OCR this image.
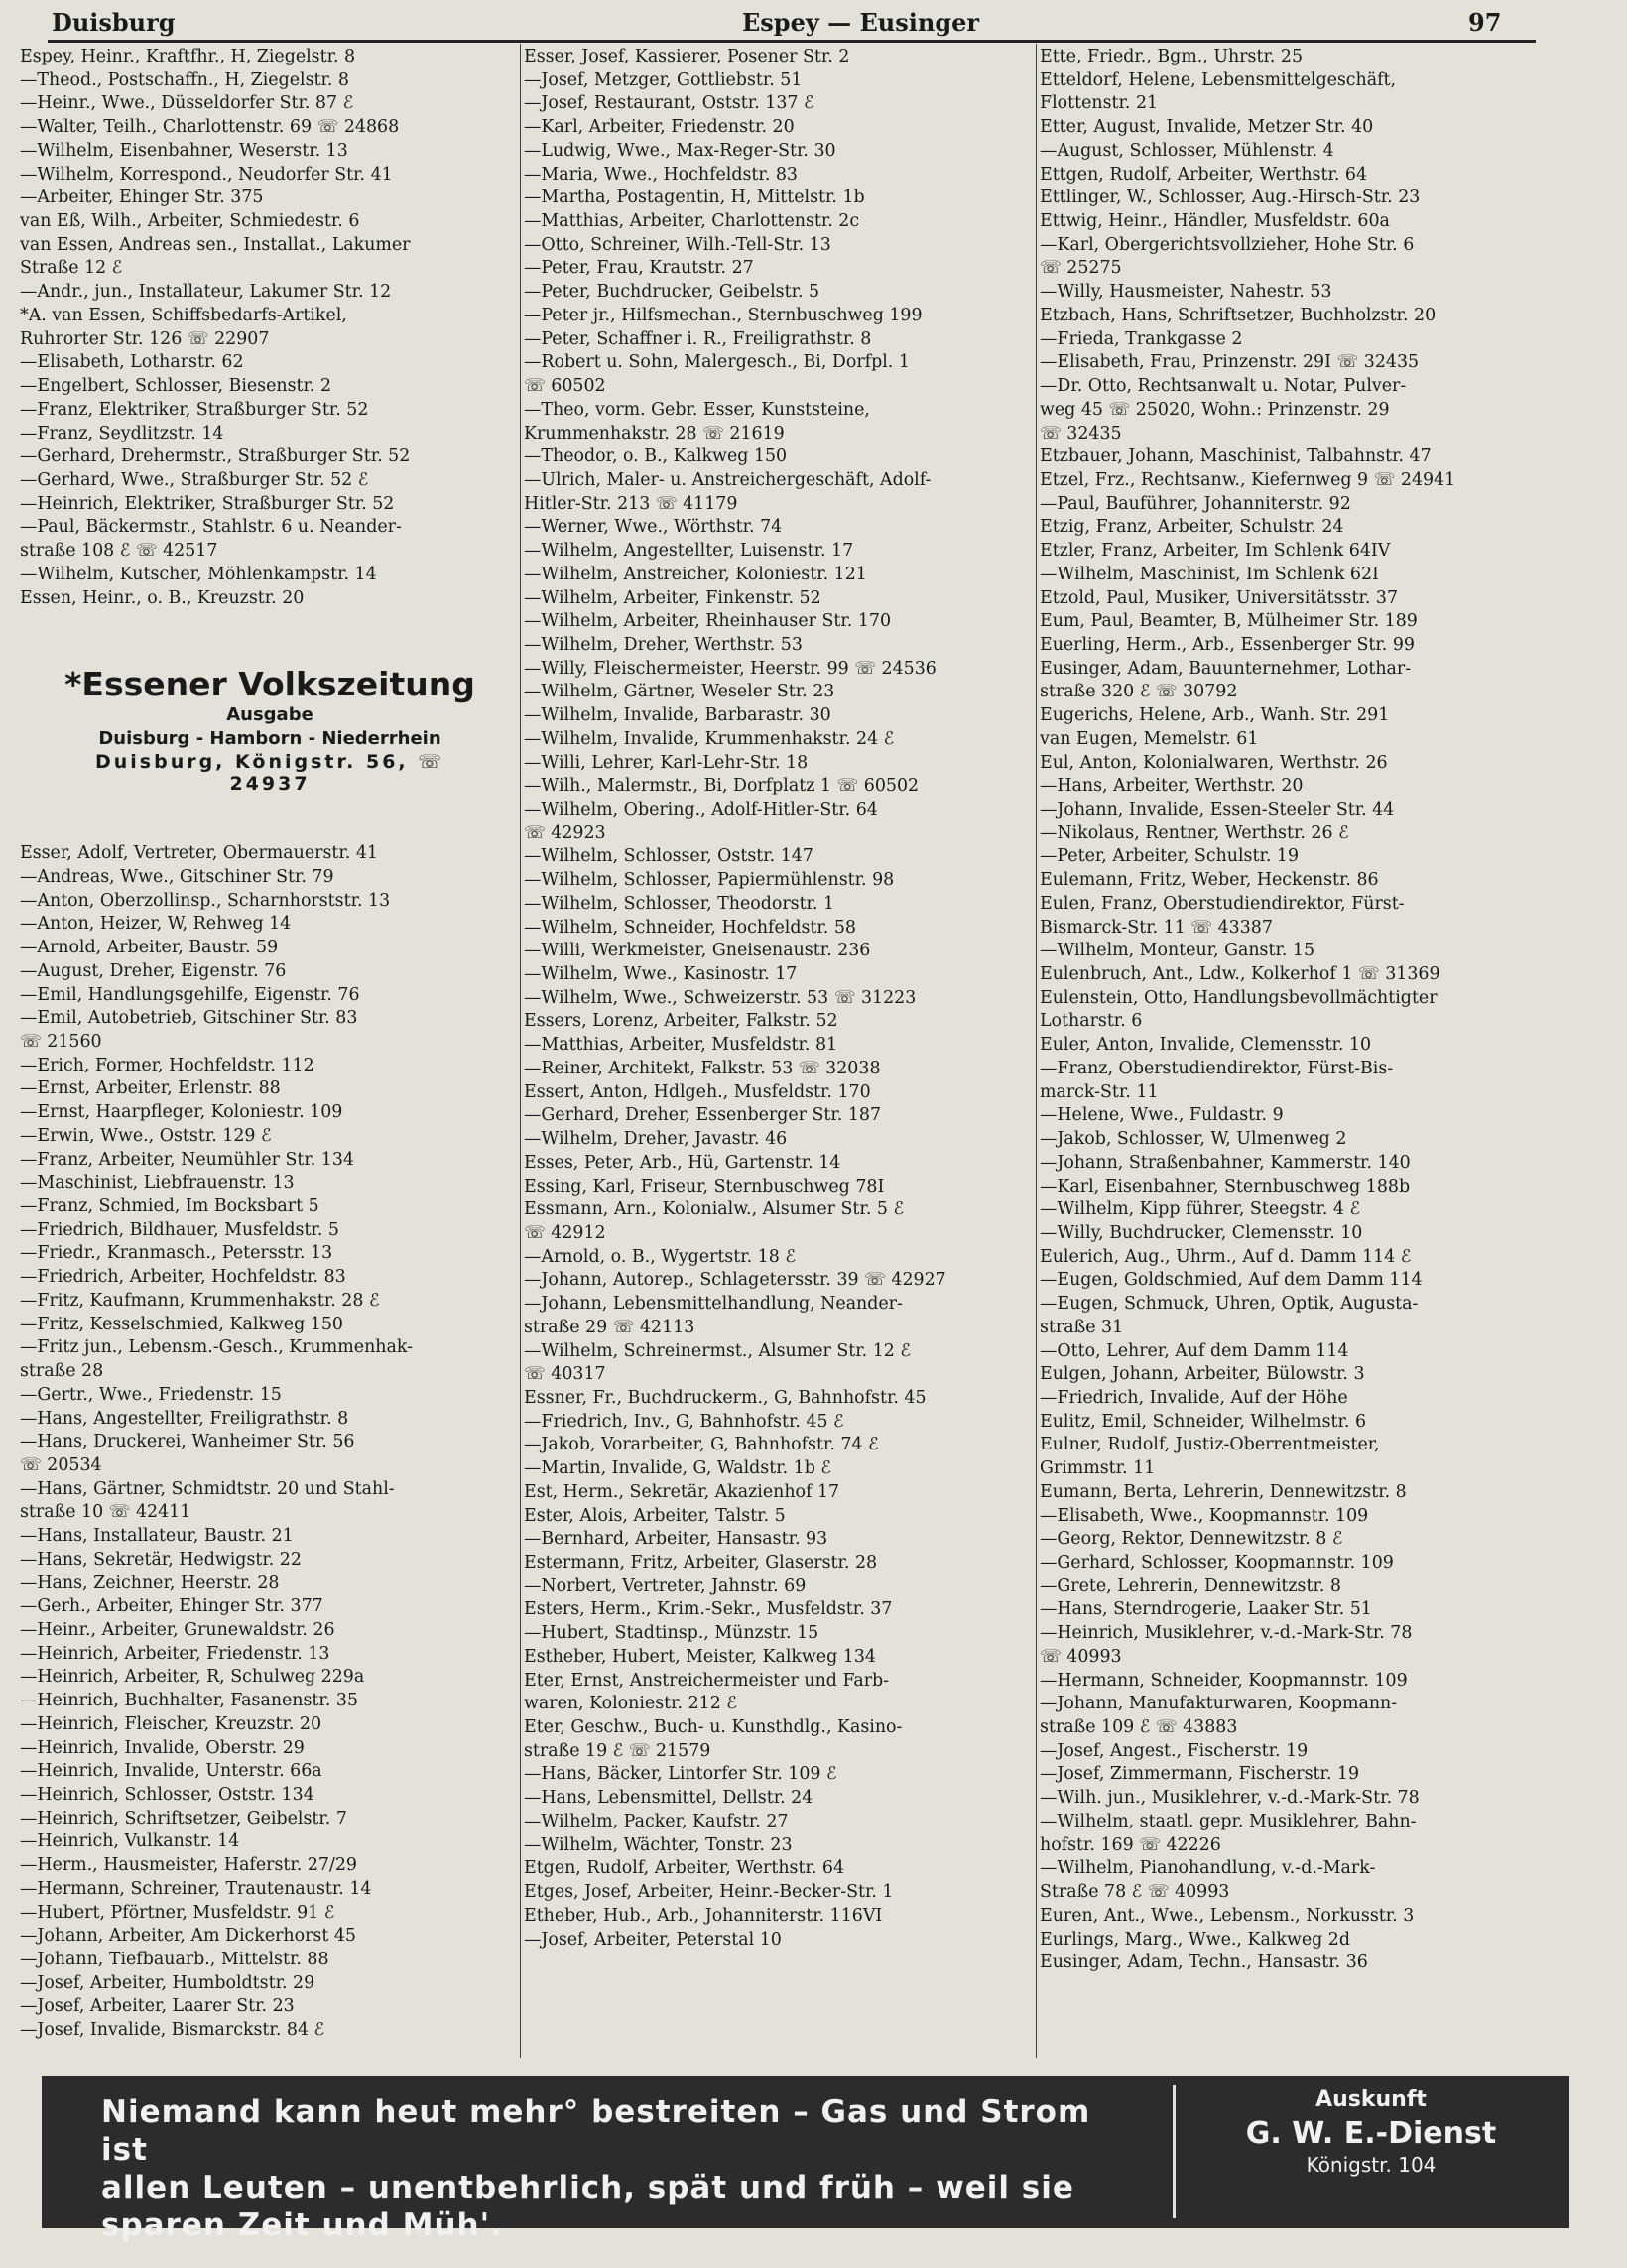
Duisburg	Espey — Eusinger	97
Espey, Heinr., Kraftfhr., H, Ziegelstr. 8
—Theod., Postschaffn., H, Ziegelstr. 8
—Heinr., Wwe., Düsseldorfer Str. 87 ℰ
—Walter, Teilh., Charlottenstr. 69 ☏ 24868
—Wilhelm, Eisenbahner, Weserstr. 13
—Wilhelm, Korrespond., Neudorfer Str. 41
—Arbeiter, Ehinger Str. 375
van Eß, Wilh., Arbeiter, Schmiedestr. 6
van Essen, Andreas sen., Installat., Lakumer
Straße 12 ℰ
—Andr., jun., Installateur, Lakumer Str. 12
*A. van Essen, Schiffsbedarfs-Artikel,
Ruhrorter Str. 126 ☏ 22907
—Elisabeth, Lotharstr. 62
—Engelbert, Schlosser, Biesenstr. 2
—Franz, Elektriker, Straßburger Str. 52
—Franz, Seydlitzstr. 14
—Gerhard, Drehermstr., Straßburger Str. 52
—Gerhard, Wwe., Straßburger Str. 52 ℰ
—Heinrich, Elektriker, Straßburger Str. 52
—Paul, Bäckermstr., Stahlstr. 6 u. Neander-
straße 108 ℰ ☏ 42517
—Wilhelm, Kutscher, Möhlenkampstr. 14
Essen, Heinr., o. B., Kreuzstr. 20
Esser, Adolf, Vertreter, Obermauerstr. 41
—Andreas, Wwe., Gitschiner Str. 79
—Anton, Oberzollinsp., Scharnhorststr. 13
—Anton, Heizer, W, Rehweg 14
—Arnold, Arbeiter, Baustr. 59
—August, Dreher, Eigenstr. 76
—Emil, Handlungsgehilfe, Eigenstr. 76
—Emil, Autobetrieb, Gitschiner Str. 83
☏ 21560
—Erich, Former, Hochfeldstr. 112
—Ernst, Arbeiter, Erlenstr. 88
—Ernst, Haarpfleger, Koloniestr. 109
—Erwin, Wwe., Oststr. 129 ℰ
—Franz, Arbeiter, Neumühler Str. 134
—Maschinist, Liebfrauenstr. 13
—Franz, Schmied, Im Bocksbart 5
—Friedrich, Bildhauer, Musfeldstr. 5
—Friedr., Kranmasch., Petersstr. 13
—Friedrich, Arbeiter, Hochfeldstr. 83
—Fritz, Kaufmann, Krummenhakstr. 28 ℰ
—Fritz, Kesselschmied, Kalkweg 150
—Fritz jun., Lebensm.-Gesch., Krummenhak-
straße 28
—Gertr., Wwe., Friedenstr. 15
—Hans, Angestellter, Freiligrathstr. 8
—Hans, Druckerei, Wanheimer Str. 56
☏ 20534
—Hans, Gärtner, Schmidtstr. 20 und Stahl-
straße 10 ☏ 42411
—Hans, Installateur, Baustr. 21
—Hans, Sekretär, Hedwigstr. 22
—Hans, Zeichner, Heerstr. 28
—Gerh., Arbeiter, Ehinger Str. 377
—Heinr., Arbeiter, Grunewaldstr. 26
—Heinrich, Arbeiter, Friedenstr. 13
—Heinrich, Arbeiter, R, Schulweg 229a
—Heinrich, Buchhalter, Fasanenstr. 35
—Heinrich, Fleischer, Kreuzstr. 20
—Heinrich, Invalide, Oberstr. 29
—Heinrich, Invalide, Unterstr. 66a
—Heinrich, Schlosser, Oststr. 134
—Heinrich, Schriftsetzer, Geibelstr. 7
—Heinrich, Vulkanstr. 14
—Herm., Hausmeister, Haferstr. 27/29
—Hermann, Schreiner, Trautenaustr. 14
—Hubert, Pförtner, Musfeldstr. 91 ℰ
—Johann, Arbeiter, Am Dickerhorst 45
—Johann, Tiefbauarb., Mittelstr. 88
—Josef, Arbeiter, Humboldtstr. 29
—Josef, Arbeiter, Laarer Str. 23
—Josef, Invalide, Bismarckstr. 84 ℰ
*Essener Volkszeitung
Ausgabe
Duisburg - Hamborn - Niederrhein
Duisburg, Königstr. 56, ☏ 24937
Esser, Josef, Kassierer, Posener Str. 2
—Josef, Metzger, Gottliebstr. 51
—Josef, Restaurant, Oststr. 137 ℰ
—Karl, Arbeiter, Friedenstr. 20
—Ludwig, Wwe., Max-Reger-Str. 30
—Maria, Wwe., Hochfeldstr. 83
—Martha, Postagentin, H, Mittelstr. 1b
—Matthias, Arbeiter, Charlottenstr. 2c
—Otto, Schreiner, Wilh.-Tell-Str. 13
—Peter, Frau, Krautstr. 27
—Peter, Buchdrucker, Geibelstr. 5
—Peter jr., Hilfsmechan., Sternbuschweg 199
—Peter, Schaffner i. R., Freiligrathstr. 8
—Robert u. Sohn, Malergesch., Bi, Dorfpl. 1
☏ 60502
—Theo, vorm. Gebr. Esser, Kunststeine,
Krummenhakstr. 28 ☏ 21619
—Theodor, o. B., Kalkweg 150
—Ulrich, Maler- u. Anstreichergeschäft, Adolf-
Hitler-Str. 213 ☏ 41179
—Werner, Wwe., Wörthstr. 74
—Wilhelm, Angestellter, Luisenstr. 17
—Wilhelm, Anstreicher, Koloniestr. 121
—Wilhelm, Arbeiter, Finkenstr. 52
—Wilhelm, Arbeiter, Rheinhauser Str. 170
—Wilhelm, Dreher, Werthstr. 53
—Willy, Fleischermeister, Heerstr. 99 ☏ 24536
—Wilhelm, Gärtner, Weseler Str. 23
—Wilhelm, Invalide, Barbarastr. 30
—Wilhelm, Invalide, Krummenhakstr. 24 ℰ
—Willi, Lehrer, Karl-Lehr-Str. 18
—Wilh., Malermstr., Bi, Dorfplatz 1 ☏ 60502
—Wilhelm, Obering., Adolf-Hitler-Str. 64
☏ 42923
—Wilhelm, Schlosser, Oststr. 147
—Wilhelm, Schlosser, Papiermühlenstr. 98
—Wilhelm, Schlosser, Theodorstr. 1
—Wilhelm, Schneider, Hochfeldstr. 58
—Willi, Werkmeister, Gneisenaustr. 236
—Wilhelm, Wwe., Kasinostr. 17
—Wilhelm, Wwe., Schweizerstr. 53 ☏ 31223
Essers, Lorenz, Arbeiter, Falkstr. 52
—Matthias, Arbeiter, Musfeldstr. 81
—Reiner, Architekt, Falkstr. 53 ☏ 32038
Essert, Anton, Hdlgeh., Musfeldstr. 170
—Gerhard, Dreher, Essenberger Str. 187
—Wilhelm, Dreher, Javastr. 46
Esses, Peter, Arb., Hü, Gartenstr. 14
Essing, Karl, Friseur, Sternbuschweg 78I
Essmann, Arn., Kolonialw., Alsumer Str. 5 ℰ
☏ 42912
—Arnold, o. B., Wygertstr. 18 ℰ
—Johann, Autorep., Schlagetersstr. 39 ☏ 42927
—Johann, Lebensmittelhandlung, Neander-
straße 29 ☏ 42113
—Wilhelm, Schreinermst., Alsumer Str. 12 ℰ
☏ 40317
Essner, Fr., Buchdruckerm., G, Bahnhofstr. 45
—Friedrich, Inv., G, Bahnhofstr. 45 ℰ
—Jakob, Vorarbeiter, G, Bahnhofstr. 74 ℰ
—Martin, Invalide, G, Waldstr. 1b ℰ
Est, Herm., Sekretär, Akazienhof 17
Ester, Alois, Arbeiter, Talstr. 5
—Bernhard, Arbeiter, Hansastr. 93
Estermann, Fritz, Arbeiter, Glaserstr. 28
—Norbert, Vertreter, Jahnstr. 69
Esters, Herm., Krim.-Sekr., Musfeldstr. 37
—Hubert, Stadtinsp., Münzstr. 15
Estheber, Hubert, Meister, Kalkweg 134
Eter, Ernst, Anstreichermeister und Farb-
waren, Koloniestr. 212 ℰ
Eter, Geschw., Buch- u. Kunsthdlg., Kasino-
straße 19 ℰ ☏ 21579
—Hans, Bäcker, Lintorfer Str. 109 ℰ
—Hans, Lebensmittel, Dellstr. 24
—Wilhelm, Packer, Kaufstr. 27
—Wilhelm, Wächter, Tonstr. 23
Etgen, Rudolf, Arbeiter, Werthstr. 64
Etges, Josef, Arbeiter, Heinr.-Becker-Str. 1
Etheber, Hub., Arb., Johanniterstr. 116VI
—Josef, Arbeiter, Peterstal 10
Ette, Friedr., Bgm., Uhrstr. 25
Etteldorf, Helene, Lebensmittelgeschäft,
Flottenstr. 21
Etter, August, Invalide, Metzer Str. 40
—August, Schlosser, Mühlenstr. 4
Ettgen, Rudolf, Arbeiter, Werthstr. 64
Ettlinger, W., Schlosser, Aug.-Hirsch-Str. 23
Ettwig, Heinr., Händler, Musfeldstr. 60a
—Karl, Obergerichtsvollzieher, Hohe Str. 6
☏ 25275
—Willy, Hausmeister, Nahestr. 53
Etzbach, Hans, Schriftsetzer, Buchholzstr. 20
—Frieda, Trankgasse 2
—Elisabeth, Frau, Prinzenstr. 29I ☏ 32435
—Dr. Otto, Rechtsanwalt u. Notar, Pulver-
weg 45 ☏ 25020, Wohn.: Prinzenstr. 29
☏ 32435
Etzbauer, Johann, Maschinist, Talbahnstr. 47
Etzel, Frz., Rechtsanw., Kiefernweg 9 ☏ 24941
—Paul, Bauführer, Johanniterstr. 92
Etzig, Franz, Arbeiter, Schulstr. 24
Etzler, Franz, Arbeiter, Im Schlenk 64IV
—Wilhelm, Maschinist, Im Schlenk 62I
Etzold, Paul, Musiker, Universitätsstr. 37
Eum, Paul, Beamter, B, Mülheimer Str. 189
Euerling, Herm., Arb., Essenberger Str. 99
Eusinger, Adam, Bauunternehmer, Lothar-
straße 320 ℰ ☏ 30792
Eugerichs, Helene, Arb., Wanh. Str. 291
van Eugen, Memelstr. 61
Eul, Anton, Kolonialwaren, Werthstr. 26
—Hans, Arbeiter, Werthstr. 20
—Johann, Invalide, Essen-Steeler Str. 44
—Nikolaus, Rentner, Werthstr. 26 ℰ
—Peter, Arbeiter, Schulstr. 19
Eulemann, Fritz, Weber, Heckenstr. 86
Eulen, Franz, Oberstudiendirektor, Fürst-
Bismarck-Str. 11 ☏ 43387
—Wilhelm, Monteur, Ganstr. 15
Eulenbruch, Ant., Ldw., Kolkerhof 1 ☏ 31369
Eulenstein, Otto, Handlungsbevollmächtigter
Lotharstr. 6
Euler, Anton, Invalide, Clemensstr. 10
—Franz, Oberstudiendirektor, Fürst-Bis-
marck-Str. 11
—Helene, Wwe., Fuldastr. 9
—Jakob, Schlosser, W, Ulmenweg 2
—Johann, Straßenbahner, Kammerstr. 140
—Karl, Eisenbahner, Sternbuschweg 188b
—Wilhelm, Kipp führer, Steegstr. 4 ℰ
—Willy, Buchdrucker, Clemensstr. 10
Eulerich, Aug., Uhrm., Auf d. Damm 114 ℰ
—Eugen, Goldschmied, Auf dem Damm 114
—Eugen, Schmuck, Uhren, Optik, Augusta-
straße 31
—Otto, Lehrer, Auf dem Damm 114
Eulgen, Johann, Arbeiter, Bülowstr. 3
—Friedrich, Invalide, Auf der Höhe
Eulitz, Emil, Schneider, Wilhelmstr. 6
Eulner, Rudolf, Justiz-Oberrentmeister,
Grimmstr. 11
Eumann, Berta, Lehrerin, Dennewitzstr. 8
—Elisabeth, Wwe., Koopmannstr. 109
—Georg, Rektor, Dennewitzstr. 8 ℰ
—Gerhard, Schlosser, Koopmannstr. 109
—Grete, Lehrerin, Dennewitzstr. 8
—Hans, Sterndrogerie, Laaker Str. 51
—Heinrich, Musiklehrer, v.-d.-Mark-Str. 78
☏ 40993
—Hermann, Schneider, Koopmannstr. 109
—Johann, Manufakturwaren, Koopmann-
straße 109 ℰ ☏ 43883
—Josef, Angest., Fischerstr. 19
—Josef, Zimmermann, Fischerstr. 19
—Wilh. jun., Musiklehrer, v.-d.-Mark-Str. 78
—Wilhelm, staatl. gepr. Musiklehrer, Bahn-
hofstr. 169 ☏ 42226
—Wilhelm, Pianohandlung, v.-d.-Mark-
Straße 78 ℰ ☏ 40993
Euren, Ant., Wwe., Lebensm., Norkusstr. 3
Eurlings, Marg., Wwe., Kalkweg 2d
Eusinger, Adam, Techn., Hansastr. 36
Niemand kann heut mehr° bestreiten – Gas und Strom ist
allen Leuten – unentbehrlich, spät und früh – weil sie
sparen Zeit und Müh'.
Auskunft
G. W. E.-Dienst
Königstr. 104
